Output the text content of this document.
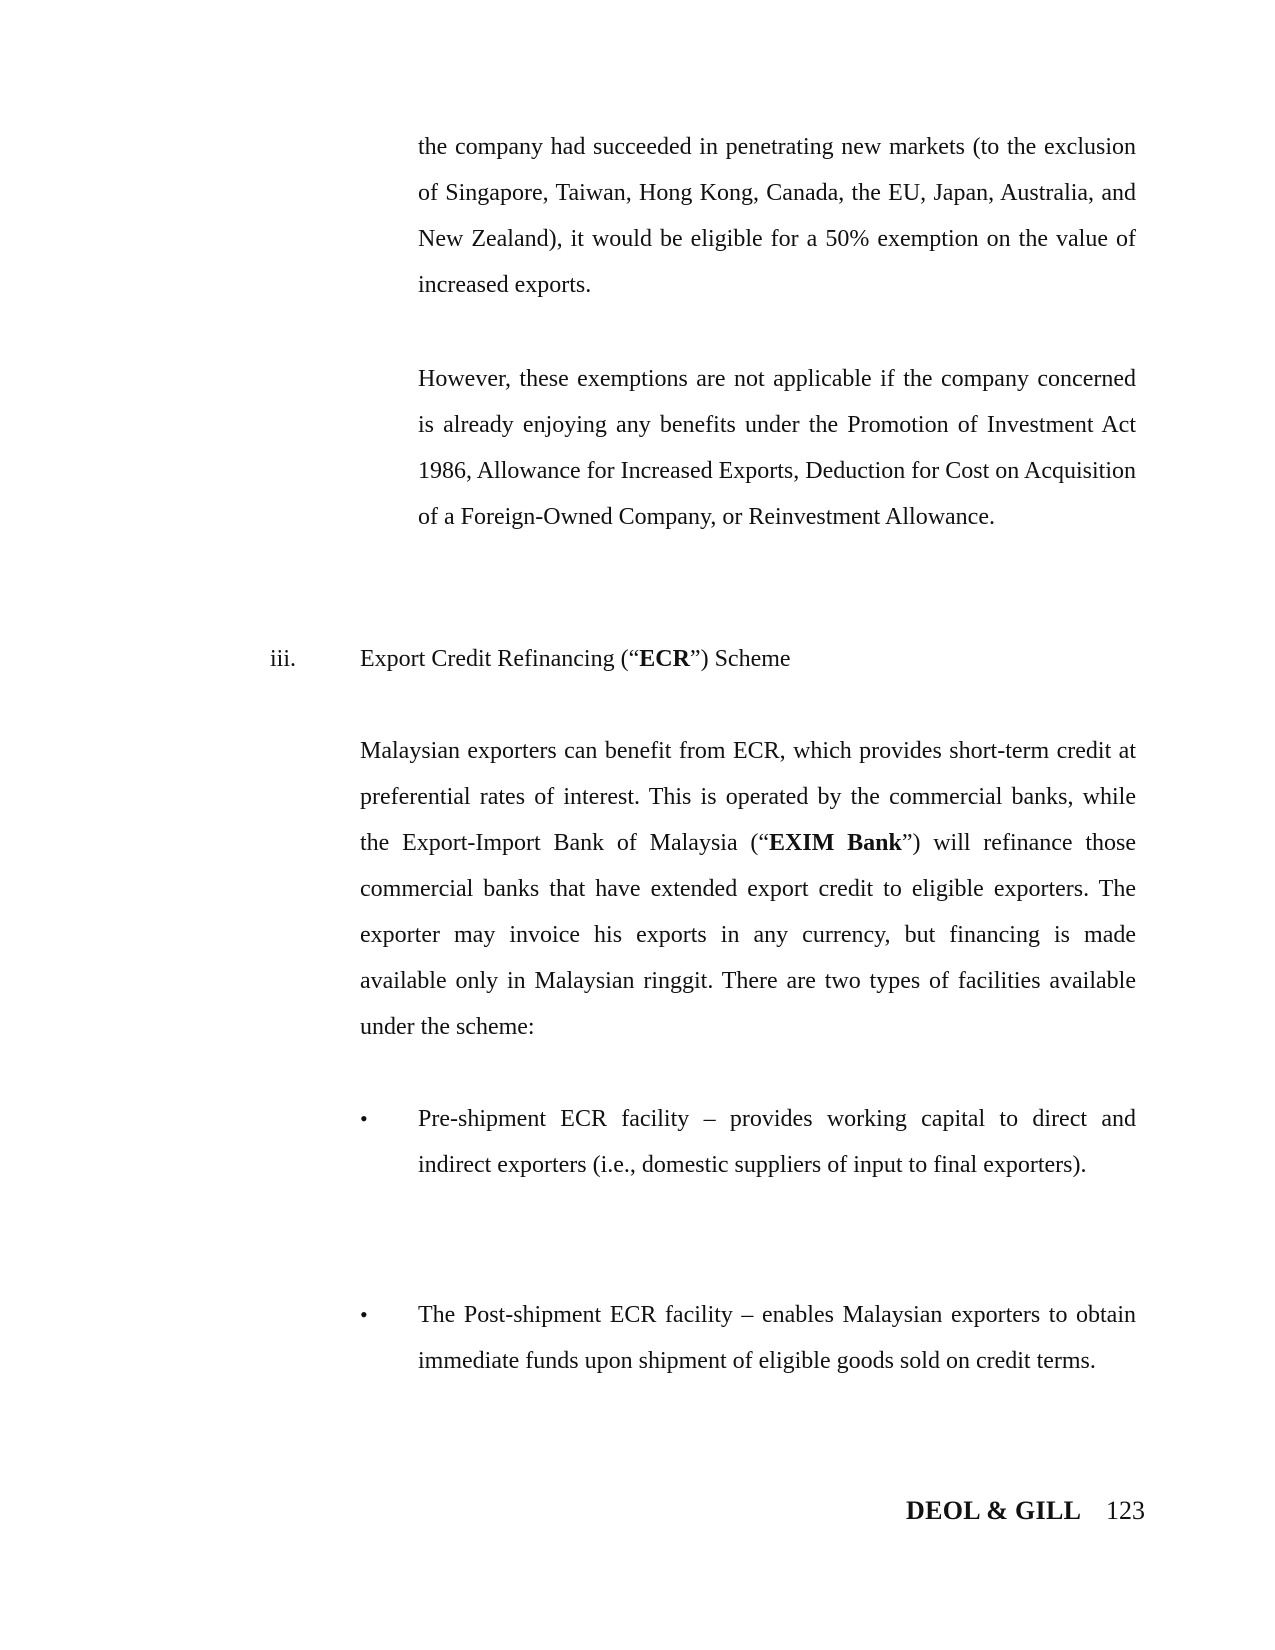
the company had succeeded in penetrating new markets (to the exclusion of Singapore, Taiwan, Hong Kong, Canada, the EU, Japan, Australia, and New Zealand), it would be eligible for a 50% exemption on the value of increased exports.

However, these exemptions are not applicable if the company concerned is already enjoying any benefits under the Promotion of Investment Act 1986, Allowance for Increased Exports, Deduction for Cost on Acquisition of a Foreign-Owned Company, or Reinvestment Allowance.

iii.	Export Credit Refinancing (“ECR”) Scheme

Malaysian exporters can benefit from ECR, which provides short-term credit at preferential rates of interest. This is operated by the commercial banks, while the Export-Import Bank of Malaysia (“EXIM Bank”) will refinance those commercial banks that have extended export credit to eligible exporters. The exporter may invoice his exports in any currency, but financing is made available only in Malaysian ringgit. There are two types of facilities available under the scheme:

• Pre-shipment ECR facility – provides working capital to direct and indirect exporters (i.e., domestic suppliers of input to final exporters).

• The Post-shipment ECR facility – enables Malaysian exporters to obtain immediate funds upon shipment of eligible goods sold on credit terms.

DEOL & GILL 123
